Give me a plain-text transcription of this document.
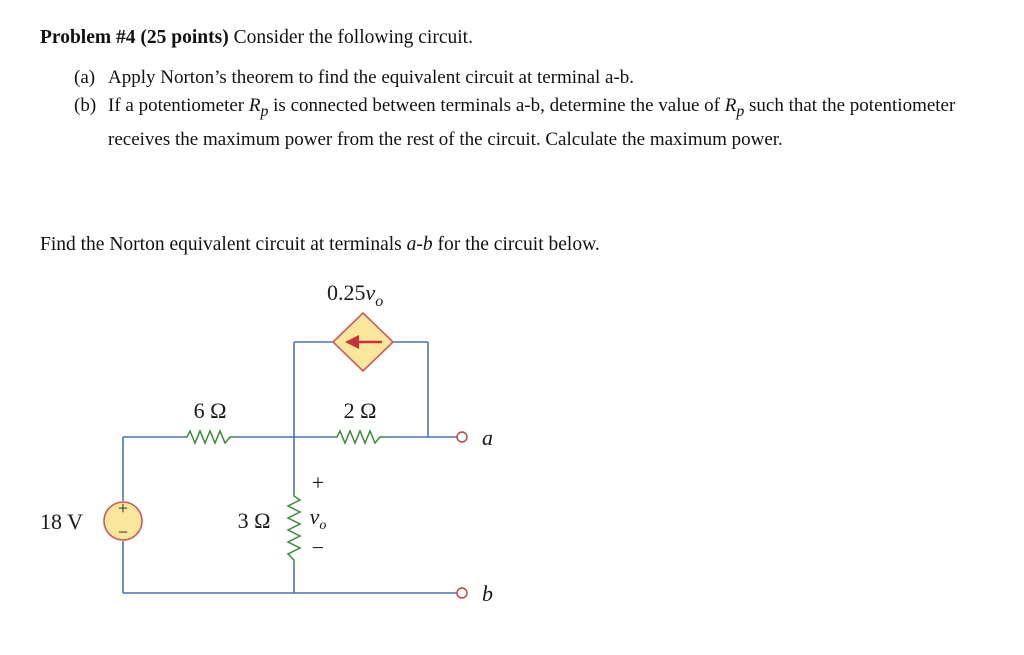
Problem #4 (25 points) Consider the following circuit.
(a) Apply Norton’s theorem to find the equivalent circuit at terminal a-b.
(b) If a potentiometer $R_p$ is connected between terminals a-b, determine the value of $R_p$ such that the potentiometer receives the maximum power from the rest of the circuit. Calculate the maximum power.
Find the Norton equivalent circuit at terminals a-b for the circuit below.
+
−
$0.25v_o$
6 Ω	2 Ω
3 Ω
18 V
+
$v_o$
−
a
b
